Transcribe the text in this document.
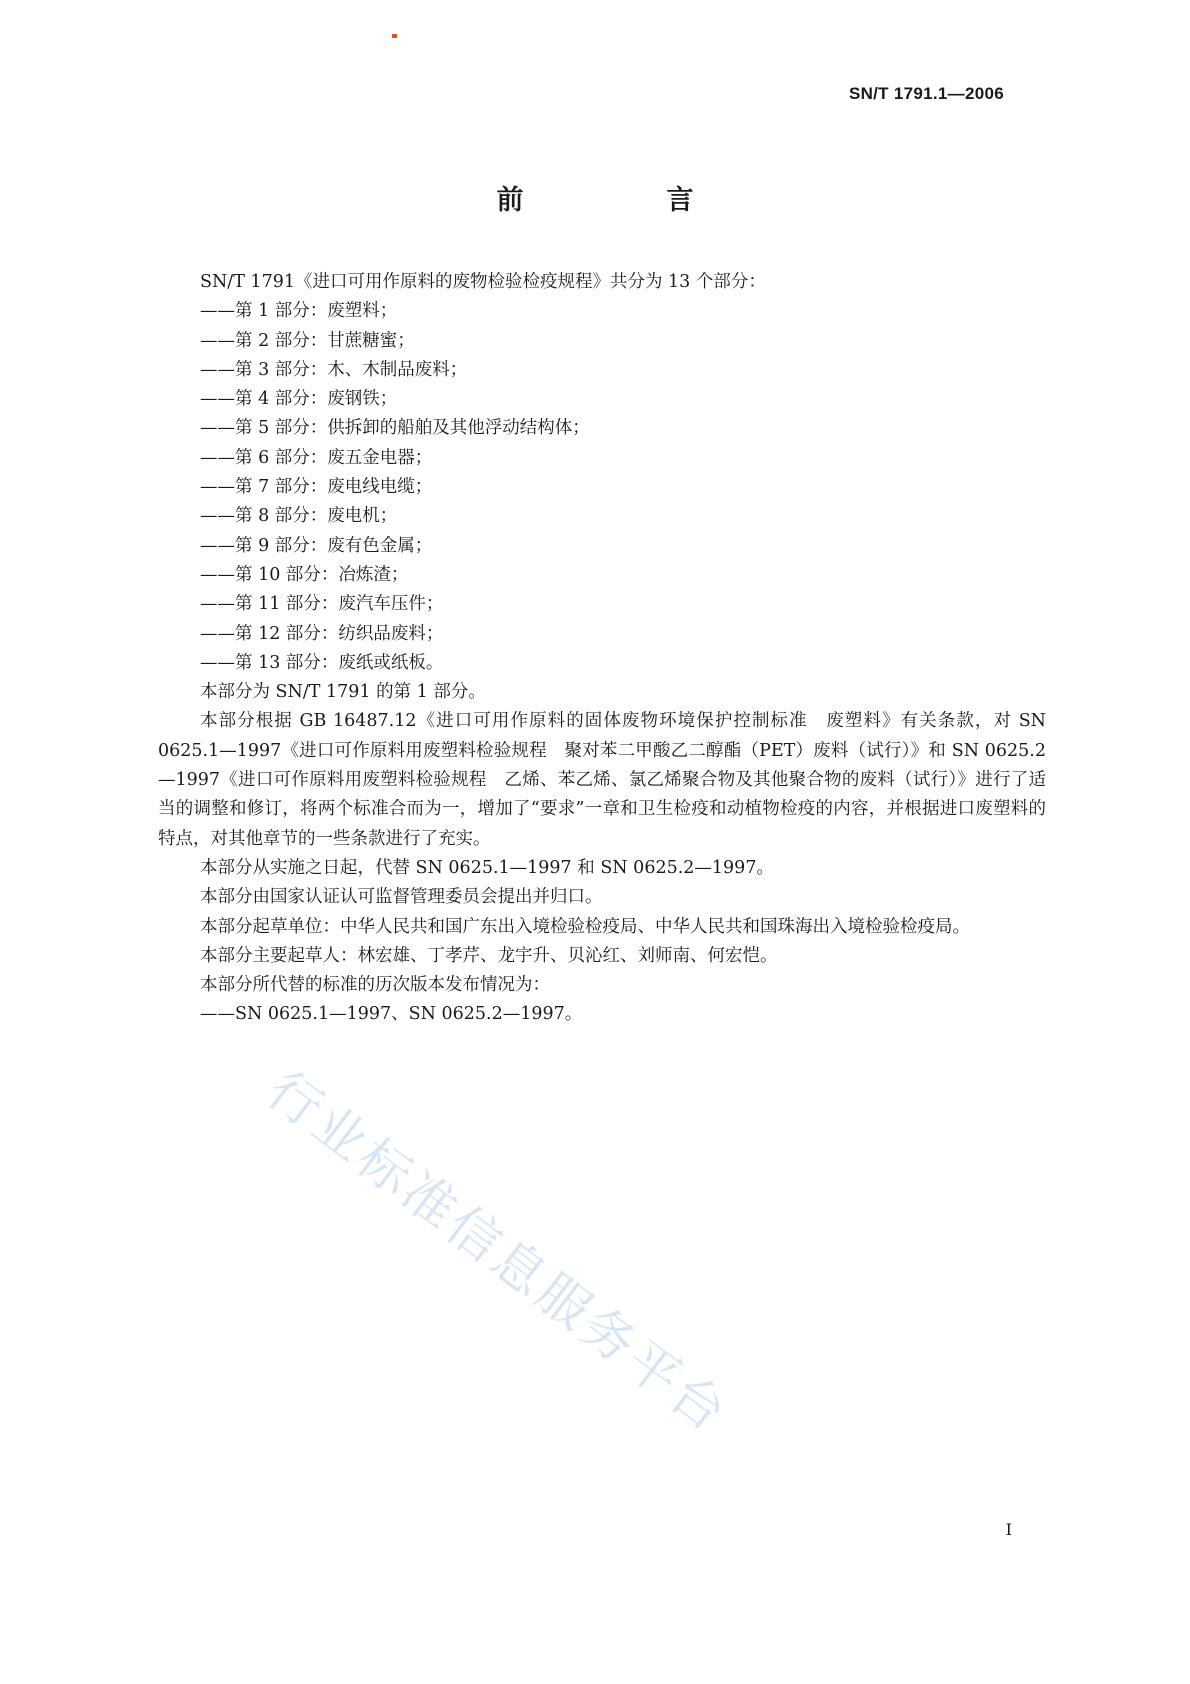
SN/T 1791.1—2006
前　言
SN/T 1791《进口可用作原料的废物检验检疫规程》共分为 13 个部分：
——第 1 部分：废塑料；
——第 2 部分：甘蔗糖蜜；
——第 3 部分：木、木制品废料；
——第 4 部分：废钢铁；
——第 5 部分：供拆卸的船舶及其他浮动结构体；
——第 6 部分：废五金电器；
——第 7 部分：废电线电缆；
——第 8 部分：废电机；
——第 9 部分：废有色金属；
——第 10 部分：冶炼渣；
——第 11 部分：废汽车压件；
——第 12 部分：纺织品废料；
——第 13 部分：废纸或纸板。
本部分为 SN/T 1791 的第 1 部分。
本部分根据 GB 16487.12《进口可用作原料的固体废物环境保护控制标准　废塑料》有关条款，对 SN 0625.1—1997《进口可作原料用废塑料检验规程　聚对苯二甲酸乙二醇酯（PET）废料（试行）》和 SN 0625.2—1997《进口可作原料用废塑料检验规程　乙烯、苯乙烯、氯乙烯聚合物及其他聚合物的废料（试行）》进行了适当的调整和修订，将两个标准合而为一，增加了“要求”一章和卫生检疫和动植物检疫的内容，并根据进口废塑料的特点，对其他章节的一些条款进行了充实。
本部分从实施之日起，代替 SN 0625.1—1997 和 SN 0625.2—1997。
本部分由国家认证认可监督管理委员会提出并归口。
本部分起草单位：中华人民共和国广东出入境检验检疫局、中华人民共和国珠海出入境检验检疫局。
本部分主要起草人：林宏雄、丁孝芹、龙宇升、贝沁红、刘师南、何宏恺。
本部分所代替的标准的历次版本发布情况为：
——SN 0625.1—1997、SN 0625.2—1997。
行业标准信息服务平台
I
